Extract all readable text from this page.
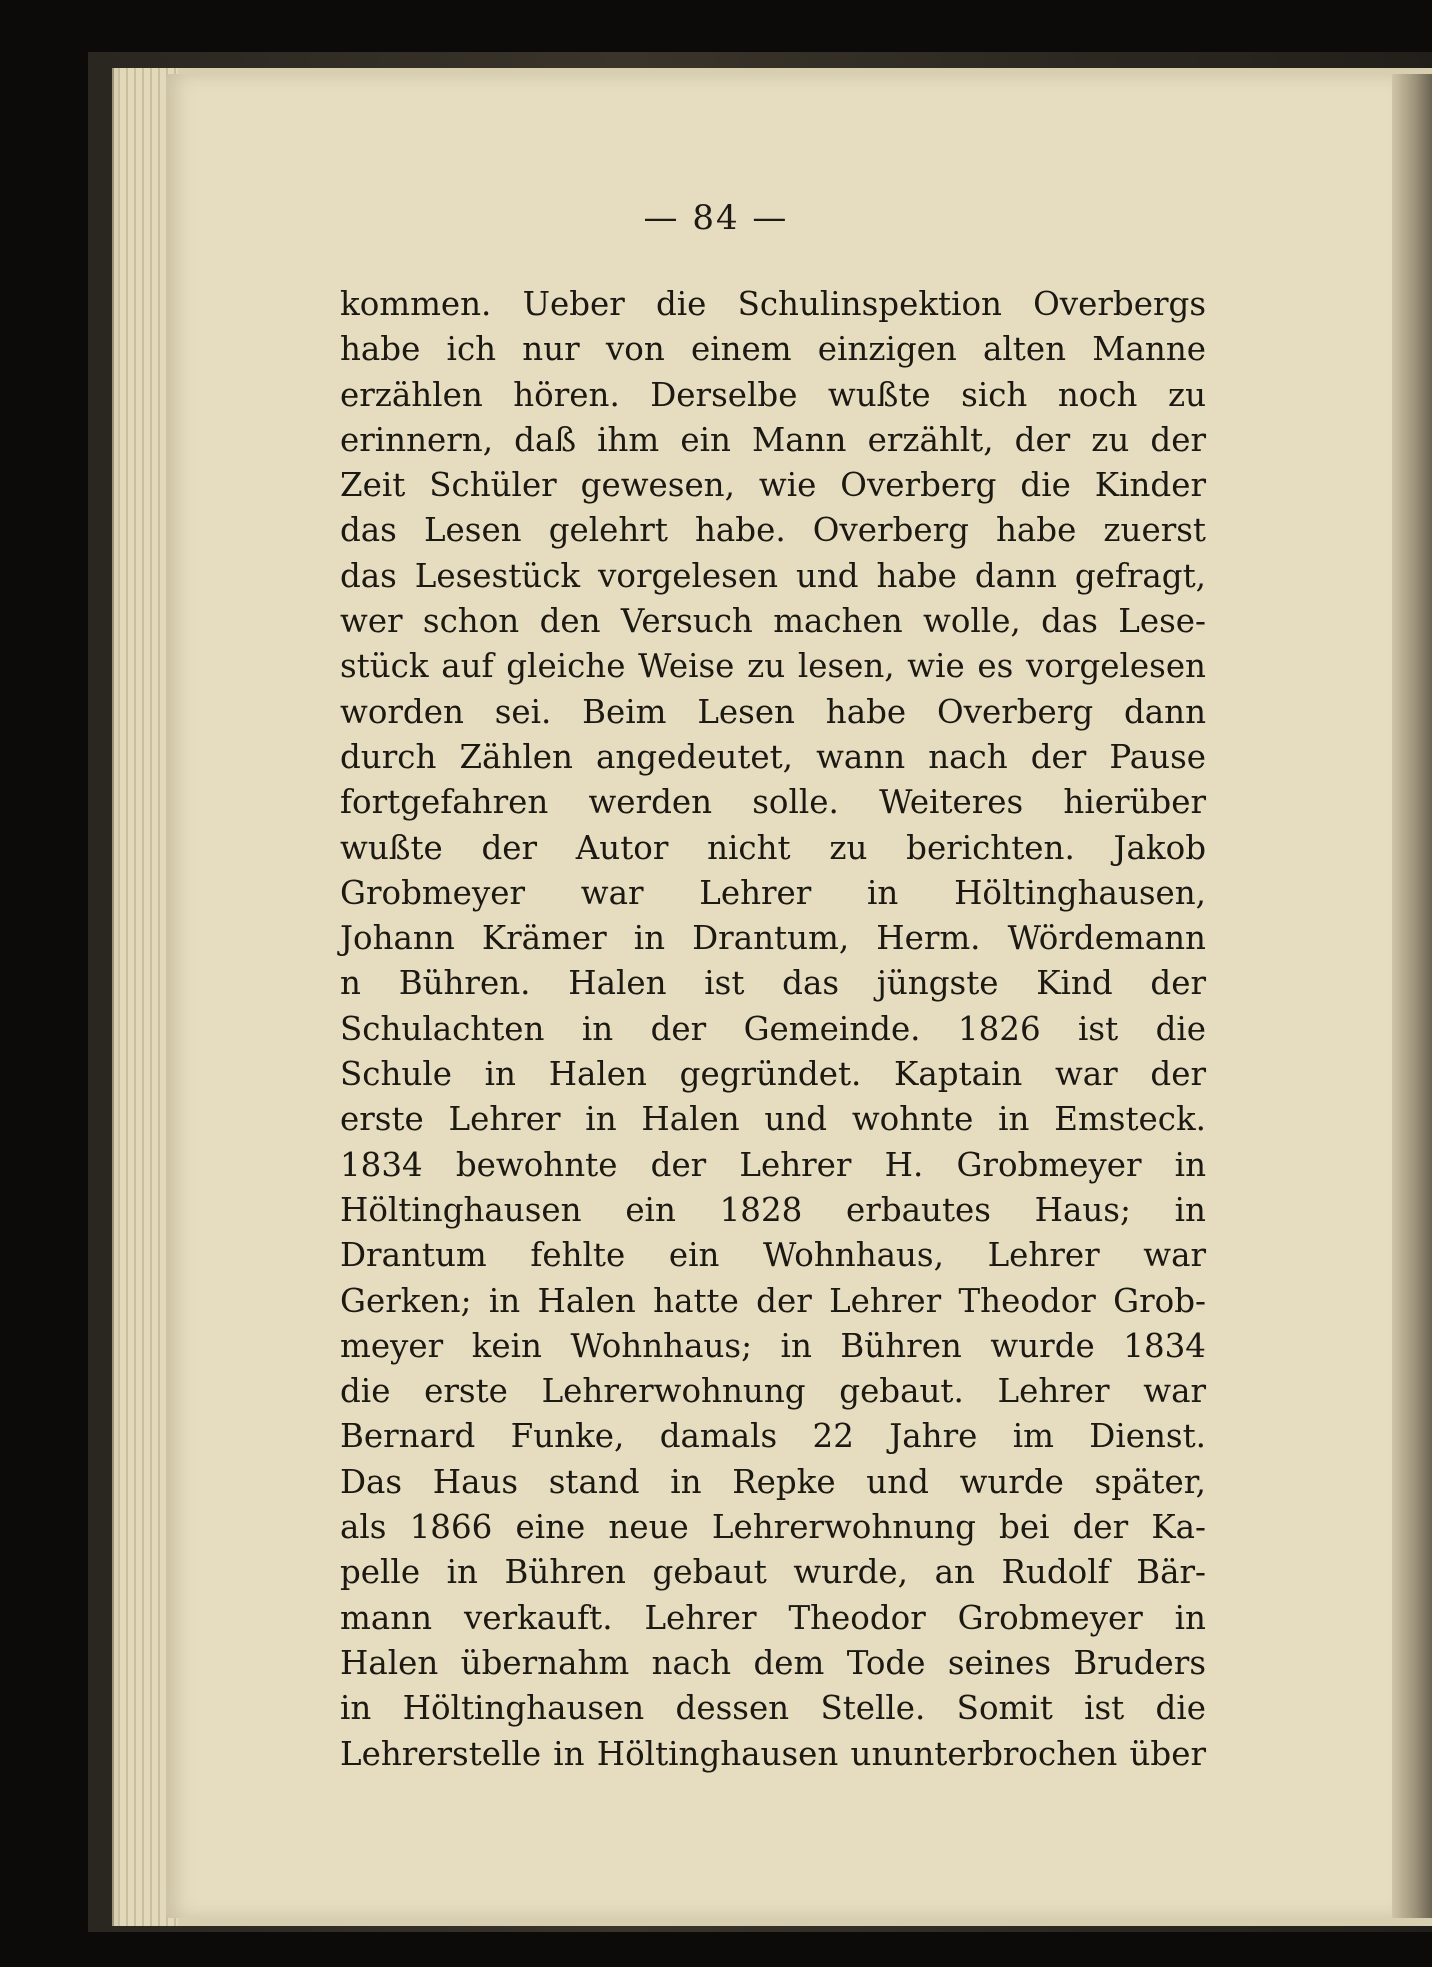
— 84 —
kommen. Ueber die Schulinspektion Overbergs
habe ich nur von einem einzigen alten Manne
erzählen hören. Derselbe wußte sich noch zu
erinnern, daß ihm ein Mann erzählt, der zu der
Zeit Schüler gewesen, wie Overberg die Kinder
das Lesen gelehrt habe. Overberg habe zuerst
das Lesestück vorgelesen und habe dann gefragt,
wer schon den Versuch machen wolle, das Lese-
stück auf gleiche Weise zu lesen, wie es vorgelesen
worden sei. Beim Lesen habe Overberg dann
durch Zählen angedeutet, wann nach der Pause
fortgefahren werden solle. Weiteres hierüber
wußte der Autor nicht zu berichten. Jakob
Grobmeyer war Lehrer in Höltinghausen,
Johann Krämer in Drantum, Herm. Wördemann
n Bühren. Halen ist das jüngste Kind der
Schulachten in der Gemeinde. 1826 ist die
Schule in Halen gegründet. Kaptain war der
erste Lehrer in Halen und wohnte in Emsteck.
1834 bewohnte der Lehrer H. Grobmeyer in
Höltinghausen ein 1828 erbautes Haus; in
Drantum fehlte ein Wohnhaus, Lehrer war
Gerken; in Halen hatte der Lehrer Theodor Grob-
meyer kein Wohnhaus; in Bühren wurde 1834
die erste Lehrerwohnung gebaut. Lehrer war
Bernard Funke, damals 22 Jahre im Dienst.
Das Haus stand in Repke und wurde später,
als 1866 eine neue Lehrerwohnung bei der Ka-
pelle in Bühren gebaut wurde, an Rudolf Bär-
mann verkauft. Lehrer Theodor Grobmeyer in
Halen übernahm nach dem Tode seines Bruders
in Höltinghausen dessen Stelle. Somit ist die
Lehrerstelle in Höltinghausen ununterbrochen über
